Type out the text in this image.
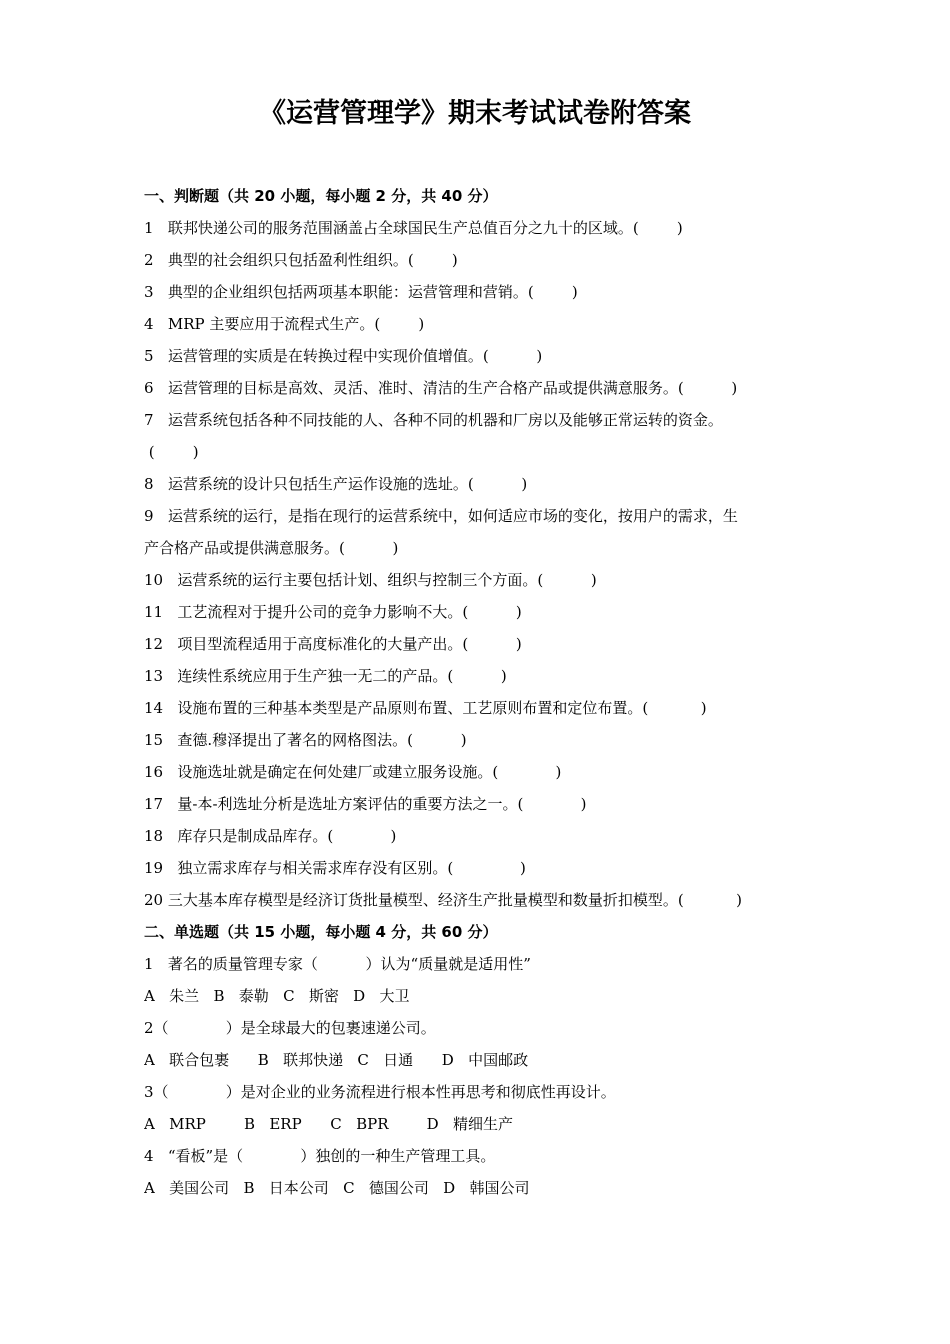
《运营管理学》期末考试试卷附答案
一、判断题（共 20 小题，每小题 2 分，共 40 分）
1   联邦快递公司的服务范围涵盖占全球国民生产总值百分之九十的区域。(        )
2   典型的社会组织只包括盈利性组织。(        )
3   典型的企业组织包括两项基本职能：运营管理和营销。(        )
4   MRP 主要应用于流程式生产。(        )
5   运营管理的实质是在转换过程中实现价值增值。(          )
6   运营管理的目标是高效、灵活、准时、清洁的生产合格产品或提供满意服务。(          )
7   运营系统包括各种不同技能的人、各种不同的机器和厂房以及能够正常运转的资金。
(        )
8   运营系统的设计只包括生产运作设施的选址。(          )
9   运营系统的运行，是指在现行的运营系统中，如何适应市场的变化，按用户的需求，生
产合格产品或提供满意服务。(          )
10   运营系统的运行主要包括计划、组织与控制三个方面。(          )
11   工艺流程对于提升公司的竞争力影响不大。(          )
12   项目型流程适用于高度标准化的大量产出。(          )
13   连续性系统应用于生产独一无二的产品。(          )
14   设施布置的三种基本类型是产品原则布置、工艺原则布置和定位布置。(           )
15   查德.穆泽提出了著名的网格图法。(          )
16   设施选址就是确定在何处建厂或建立服务设施。(            )
17   量-本-利选址分析是选址方案评估的重要方法之一。(            )
18   库存只是制成品库存。(            )
19   独立需求库存与相关需求库存没有区别。(              )
20 三大基本库存模型是经济订货批量模型、经济生产批量模型和数量折扣模型。(           )
二、单选题（共 15 小题，每小题 4 分，共 60 分）
1   著名的质量管理专家（          ）认为“质量就是适用性”
A   朱兰   B   泰勒   C   斯密   D   大卫
2（            ）是全球最大的包裹速递公司。
A   联合包裹      B   联邦快递   C   日通      D   中国邮政
3（            ）是对企业的业务流程进行根本性再思考和彻底性再设计。
A   MRP        B   ERP      C   BPR        D   精细生产
4   “看板”是（            ）独创的一种生产管理工具。
A   美国公司   B   日本公司   C   德国公司   D   韩国公司
